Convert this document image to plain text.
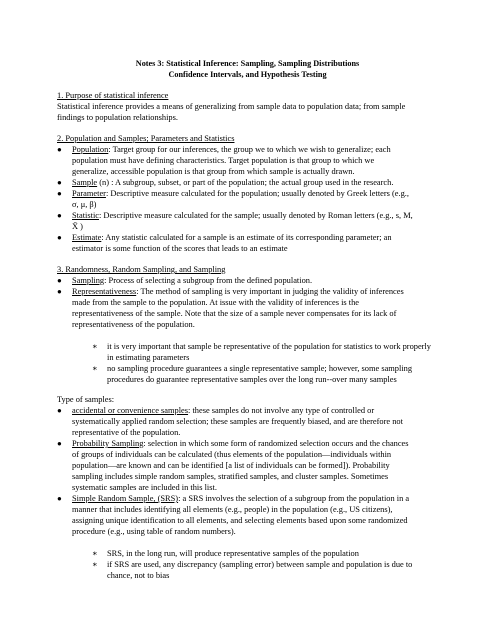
Notes 3: Statistical Inference: Sampling, Sampling Distributions
Confidence Intervals, and Hypothesis Testing
1. Purpose of statistical inference
Statistical inference provides a means of generalizing from sample data to population data; from sample
findings to population relationships.
2. Population and Samples; Parameters and Statistics
● Population: Target group for our inferences, the group we to which we wish to generalize; each
population must have defining characteristics. Target population is that group to which we
generalize, accessible population is that group from which sample is actually drawn.
● Sample (n) : A subgroup, subset, or part of the population; the actual group used in the research.
● Parameter: Descriptive measure calculated for the population; usually denoted by Greek letters (e.g.,
σ, μ, β)
● Statistic: Descriptive measure calculated for the sample; usually denoted by Roman letters (e.g., s, M,
X̄ )
● Estimate: Any statistic calculated for a sample is an estimate of its corresponding parameter; an
estimator is some function of the scores that leads to an estimate
3. Randomness, Random Sampling, and Sampling
● Sampling: Process of selecting a subgroup from the defined population.
● Representativeness: The method of sampling is very important in judging the validity of inferences
made from the sample to the population. At issue with the validity of inferences is the
representativeness of the sample. Note that the size of a sample never compensates for its lack of
representativeness of the population.
∗ it is very important that sample be representative of the population for statistics to work properly
in estimating parameters
∗ no sampling procedure guarantees a single representative sample; however, some sampling
procedures do guarantee representative samples over the long run--over many samples
Type of samples:
● accidental or convenience samples: these samples do not involve any type of controlled or
systematically applied random selection; these samples are frequently biased, and are therefore not
representative of the population.
● Probability Sampling: selection in which some form of randomized selection occurs and the chances
of groups of individuals can be calculated (thus elements of the population—individuals within
population—are known and can be identified [a list of individuals can be formed]). Probability
sampling includes simple random samples, stratified samples, and cluster samples. Sometimes
systematic samples are included in this list.
● Simple Random Sample, (SRS): a SRS involves the selection of a subgroup from the population in a
manner that includes identifying all elements (e.g., people) in the population (e.g., US citizens),
assigning unique identification to all elements, and selecting elements based upon some randomized
procedure (e.g., using table of random numbers).
∗ SRS, in the long run, will produce representative samples of the population
∗ if SRS are used, any discrepancy (sampling error) between sample and population is due to
chance, not to bias
